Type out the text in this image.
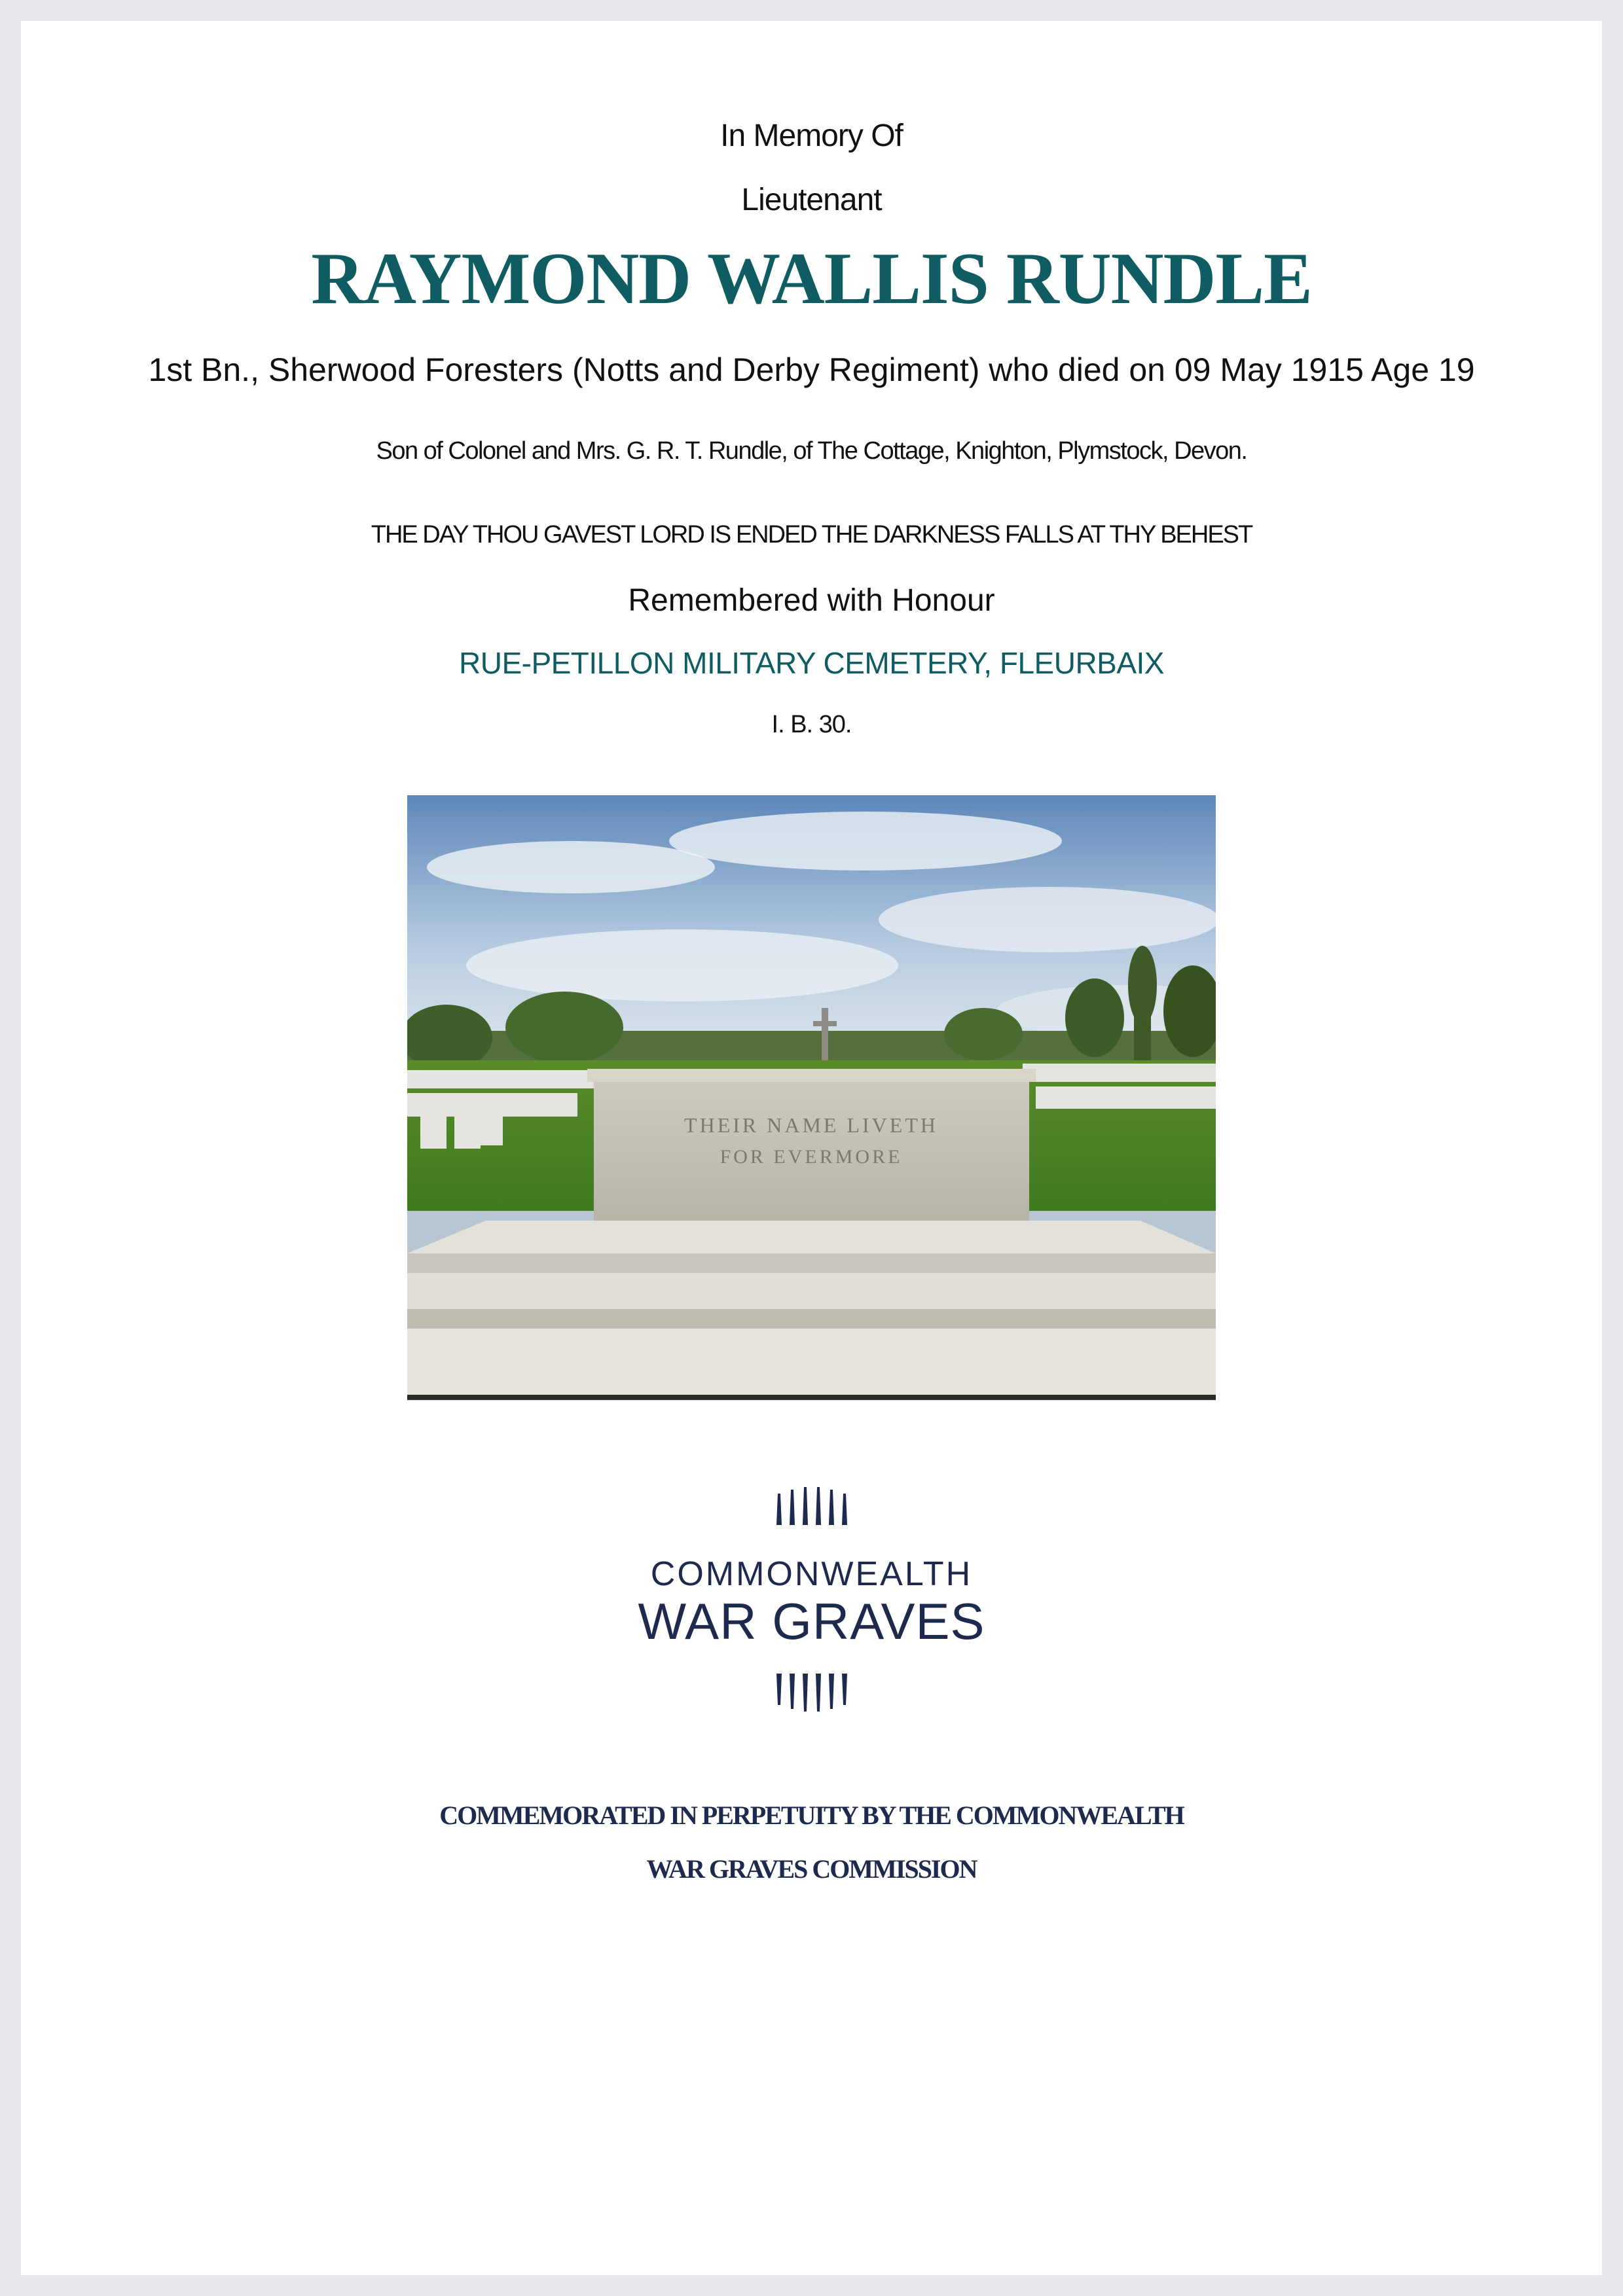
In Memory Of
Lieutenant
RAYMOND WALLIS RUNDLE
1st Bn., Sherwood Foresters (Notts and Derby Regiment) who died on 09 May 1915 Age 19
Son of Colonel and Mrs. G. R. T. Rundle, of The Cottage, Knighton, Plymstock, Devon.
THE DAY THOU GAVEST LORD IS ENDED THE DARKNESS FALLS AT THY BEHEST
Remembered with Honour
RUE-PETILLON MILITARY CEMETERY, FLEURBAIX
I. B. 30.
THEIR NAME LIVETH
FOR EVERMORE
COMMONWEALTH
WAR GRAVES
COMMEMORATED IN PERPETUITY BY THE COMMONWEALTH
WAR GRAVES COMMISSION
